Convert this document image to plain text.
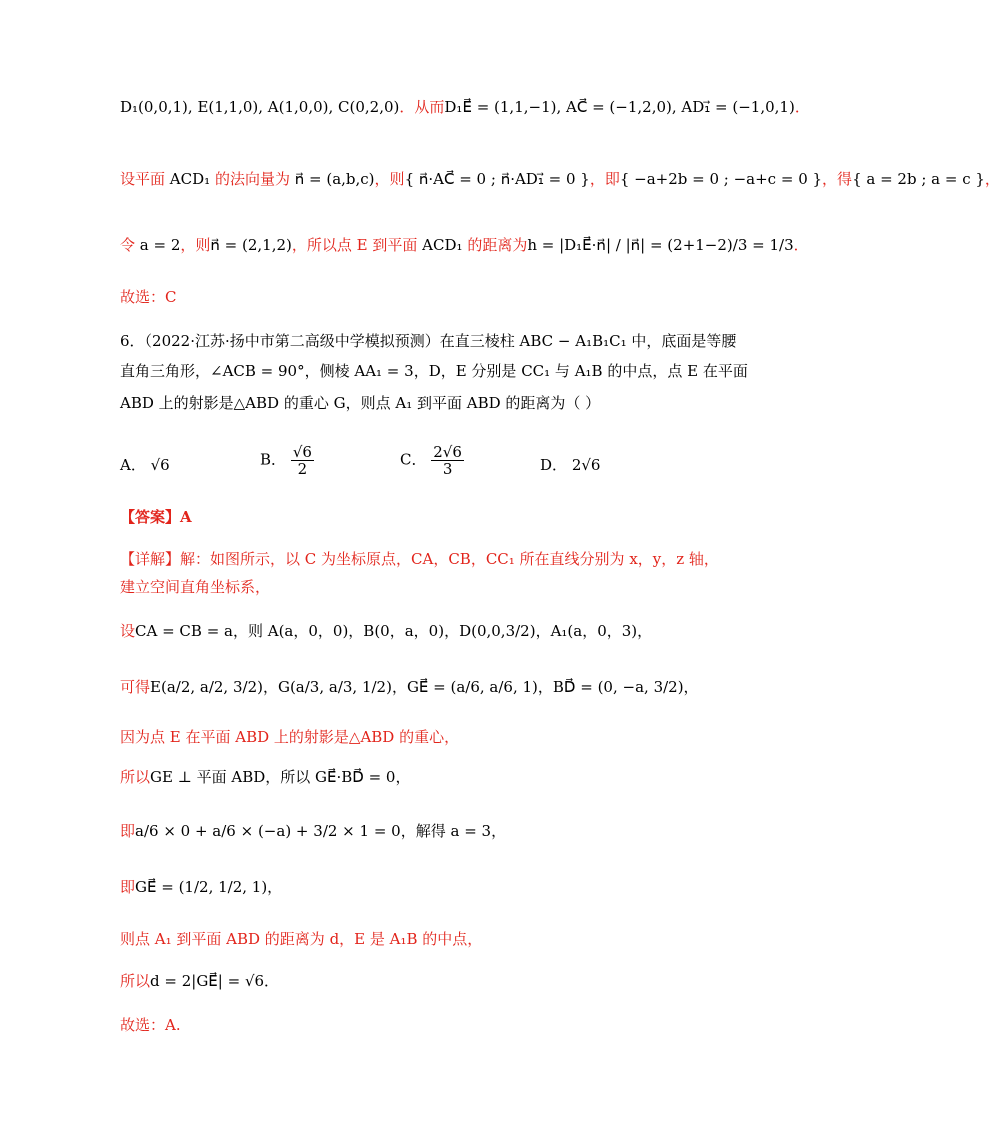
D₁(0,0,1), E(1,1,0), A(1,0,0), C(0,2,0)．从而D₁E⃗ = (1,1,−1), AC⃗ = (−1,2,0), AD₁⃗ = (−1,0,1)．
设平面 ACD₁ 的法向量为 n⃗ = (a,b,c)，则{ n⃗·AC⃗ = 0 ; n⃗·AD₁⃗ = 0 }，即{ −a+2b = 0 ; −a+c = 0 }，得{ a = 2b ; a = c }，
令 a = 2，则n⃗ = (2,1,2)，所以点 E 到平面 ACD₁ 的距离为h = |D₁E⃗·n⃗| / |n⃗| = (2+1−2)/3 = 1/3．
故选：C
6．（2022·江苏·扬中市第二高级中学模拟预测）在直三棱柱 ABC − A₁B₁C₁ 中，底面是等腰
直角三角形，∠ACB = 90°，侧棱 AA₁ = 3，D，E 分别是 CC₁ 与 A₁B 的中点，点 E 在平面
ABD 上的射影是△ABD 的重心 G，则点 A₁ 到平面 ABD 的距离为（ ）
A． √6	B． $\frac{√6}{2}$	C． $\frac{2√6}{3}$	D． 2√6
【答案】A
【详解】解：如图所示，以 C 为坐标原点，CA，CB，CC₁ 所在直线分别为 x，y，z 轴，
建立空间直角坐标系，
设CA = CB = a，则 A(a，0，0)，B(0，a，0)，D(0,0,3/2)，A₁(a，0，3)，
可得E(a/2, a/2, 3/2)，G(a/3, a/3, 1/2)，GE⃗ = (a/6, a/6, 1)，BD⃗ = (0, −a, 3/2)，
因为点 E 在平面 ABD 上的射影是△ABD 的重心，
所以GE ⊥ 平面 ABD，所以 GE⃗·BD⃗ = 0，
即a/6 × 0 + a/6 × (−a) + 3/2 × 1 = 0，解得 a = 3，
即GE⃗ = (1/2, 1/2, 1)，
则点 A₁ 到平面 ABD 的距离为 d，E 是 A₁B 的中点，
所以d = 2|GE⃗| = √6．
故选：A.
